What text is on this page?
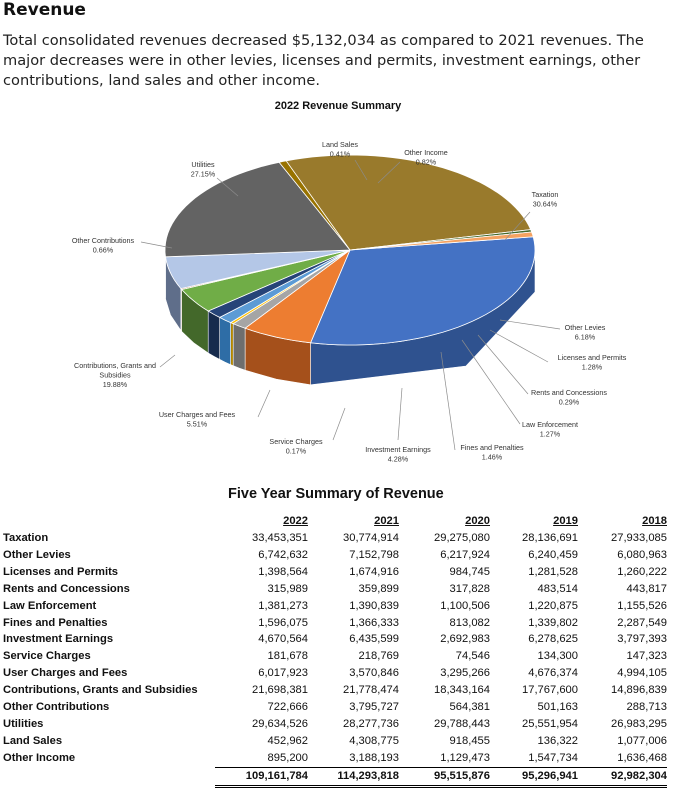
Revenue
Total consolidated revenues decreased $5,132,034 as compared to 2021 revenues. The major decreases were in other levies, licenses and permits, investment earnings, other contributions, land sales and other income.
2022 Revenue Summary
Taxation 30.64%
Other Levies 6.18%
Licenses and Permits 1.28%
Rents and Concessions 0.29%
Law Enforcement 1.27%
Fines and Penalties 1.46%
Investment Earnings 4.28%
Service Charges 0.17%
User Charges and Fees 5.51%
Contributions, Grants and Subsidies 19.88%
Other Contributions 0.66%
Utilities 27.15%
Land Sales 0.41%	Other Income 0.82%
Five Year Summary of Revenue
	2022	2021	2020	2019	2018
Taxation	33,453,351	30,774,914	29,275,080	28,136,691	27,933,085
Other Levies	6,742,632	7,152,798	6,217,924	6,240,459	6,080,963
Licenses and Permits	1,398,564	1,674,916	984,745	1,281,528	1,260,222
Rents and Concessions	315,989	359,899	317,828	483,514	443,817
Law Enforcement	1,381,273	1,390,839	1,100,506	1,220,875	1,155,526
Fines and Penalties	1,596,075	1,366,333	813,082	1,339,802	2,287,549
Investment Earnings	4,670,564	6,435,599	2,692,983	6,278,625	3,797,393
Service Charges	181,678	218,769	74,546	134,300	147,323
User Charges and Fees	6,017,923	3,570,846	3,295,266	4,676,374	4,994,105
Contributions, Grants and Subsidies	21,698,381	21,778,474	18,343,164	17,767,600	14,896,839
Other Contributions	722,666	3,795,727	564,381	501,163	288,713
Utilities	29,634,526	28,277,736	29,788,443	25,551,954	26,983,295
Land Sales	452,962	4,308,775	918,455	136,322	1,077,006
Other Income	895,200	3,188,193	1,129,473	1,547,734	1,636,468
	109,161,784	114,293,818	95,515,876	95,296,941	92,982,304
